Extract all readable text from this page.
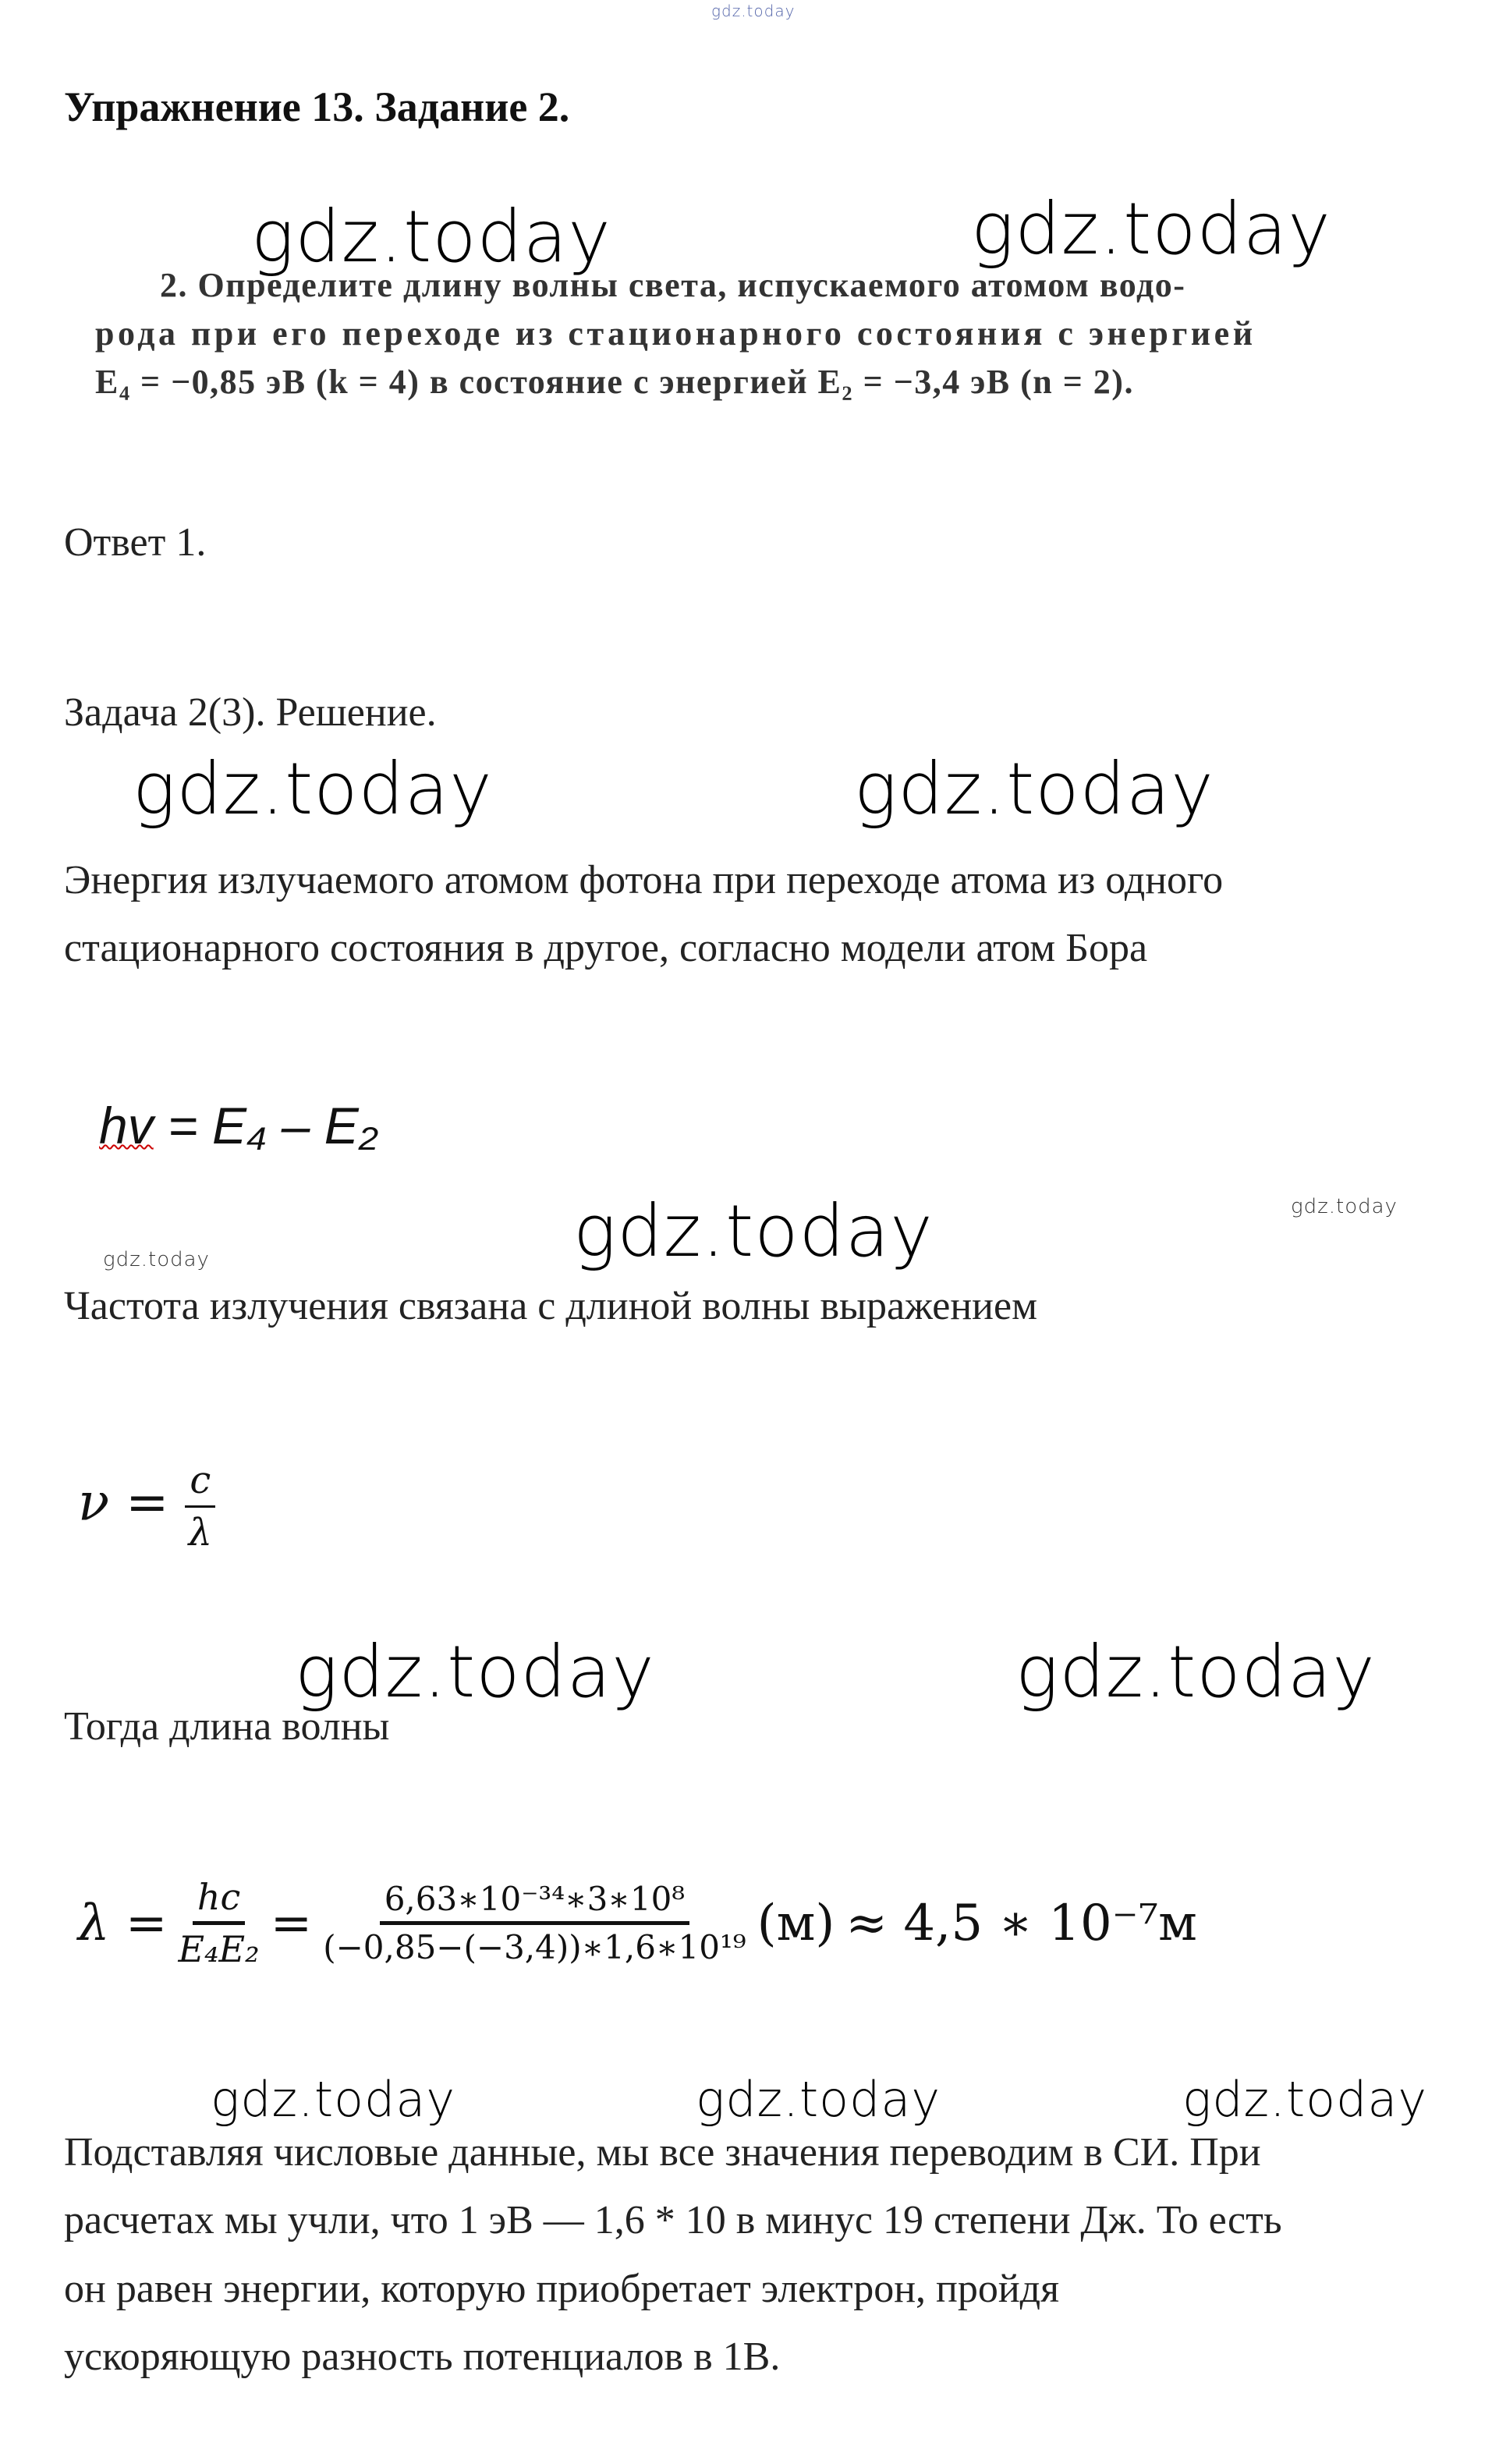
gdz.today
Упражнение 13. Задание 2.
2. Определите длину волны света, испускаемого атомом водо-
рода при его переходе из стационарного состояния с энергией
E₄ = −0,85 эВ (k = 4) в состояние с энергией E₂ = −3,4 эВ (n = 2).
gdz.today	gdz.today
Ответ 1.
Задача 2(3). Решение.
gdz.today	gdz.today
Энергия излучаемого атомом фотона при переходе атома из одного
стационарного состояния в другое, согласно модели атом Бора
hv = E₄ – E₂
gdz.today	gdz.today
gdz.today
Частота излучения связана с длиной волны выражением
$\nu = \frac{c}{\lambda}$
gdz.today	gdz.today
Тогда длина волны
$\lambda = \frac{hc}{\text{E₄E₂}} = \frac{\text{6,63∗10⁻³⁴∗3∗10⁸}}{\text{(−0,85−(−3,4))∗1,6∗10¹⁹}} (м) \approx 4,5$ ∗ 10⁻⁷м
gdz.today	gdz.today	gdz.today
Подставляя числовые данные, мы все значения переводим в СИ. При
расчетах мы учли, что 1 эВ — 1,6 * 10 в минус 19 степени Дж. То есть
он равен энергии, которую приобретает электрон, пройдя
ускоряющую разность потенциалов в 1В.
